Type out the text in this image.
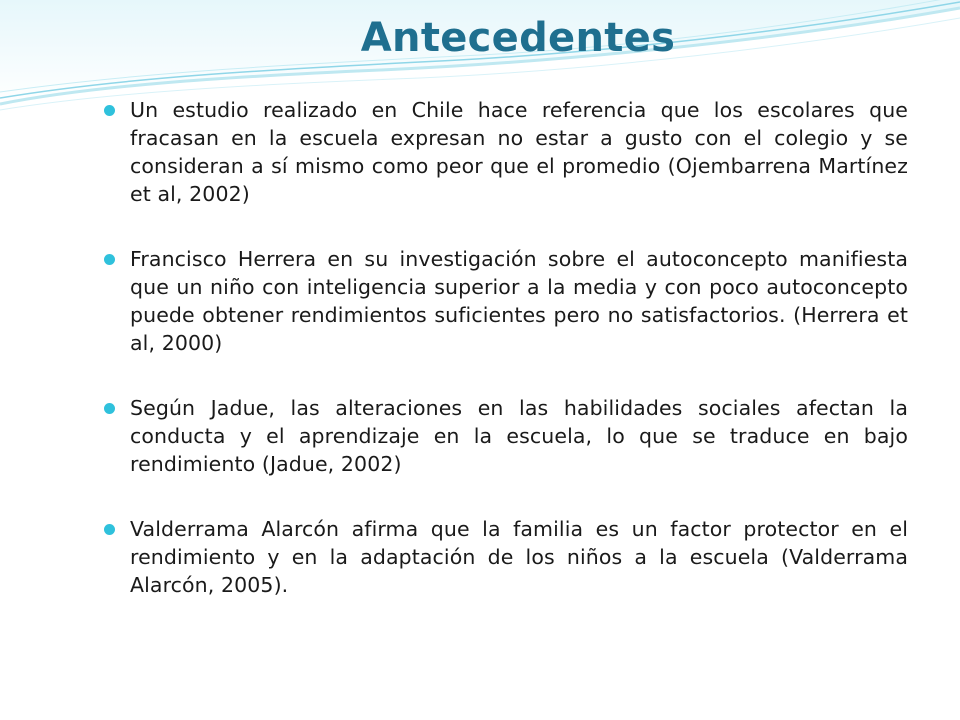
Antecedentes
Un estudio realizado en Chile hace referencia que los escolares que fracasan en la escuela expresan no estar a gusto con el colegio y se consideran a sí mismo como peor que el promedio (Ojembarrena Martínez et al, 2002)
Francisco Herrera en su investigación sobre el autoconcepto manifiesta que un niño con inteligencia superior a la media y con poco autoconcepto puede obtener rendimientos suficientes pero no satisfactorios. (Herrera et al, 2000)
Según Jadue, las alteraciones en las habilidades sociales afectan la conducta y el aprendizaje en la escuela, lo que se traduce en bajo rendimiento (Jadue, 2002)
Valderrama Alarcón afirma que la familia es un factor protector en el rendimiento y en la adaptación de los niños a la escuela (Valderrama Alarcón, 2005).
